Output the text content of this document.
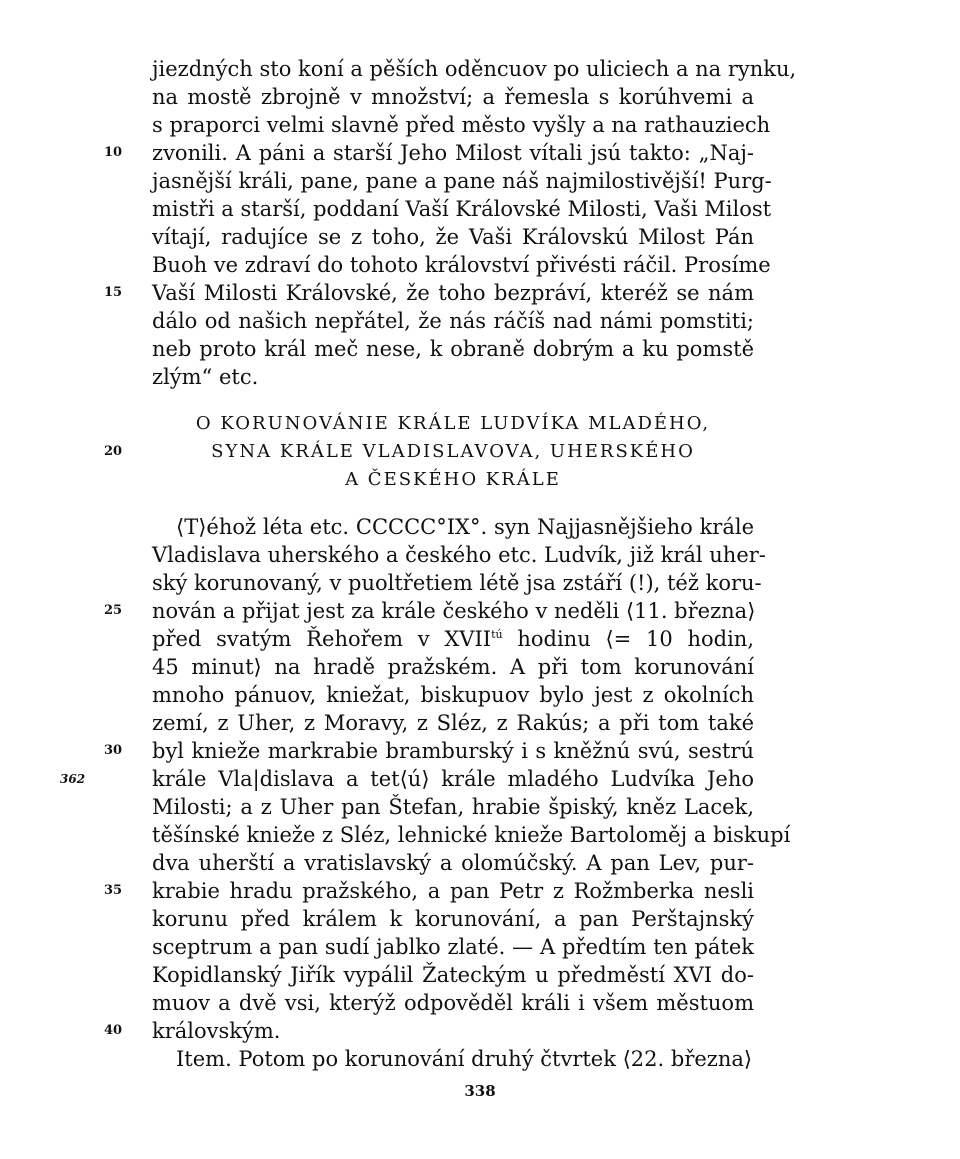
jiezdných sto koní a pěších oděncuov po uliciech a na rynku,
na mostě zbrojně v množství; a řemesla s korúhvemi a
s praporci velmi slavně před město vyšly a na rathauziech
zvonili. A páni a starší Jeho Milost vítali jsú takto: „Naj-
jasnější králi, pane, pane a pane náš najmilostivější! Purg-
mistři a starší, poddaní Vaší Královské Milosti, Vaši Milost
vítají, radujíce se z toho, že Vaši Královskú Milost Pán
Buoh ve zdraví do tohoto království přivésti ráčil. Prosíme
Vaší Milosti Královské, že toho bezpráví, kteréž se nám
dálo od našich nepřátel, že nás ráčíš nad námi pomstiti;
neb proto král meč nese, k obraně dobrým a ku pomstě
zlým“ etc.
O KORUNOVÁNIE KRÁLE LUDVÍKA MLADÉHO,
SYNA KRÁLE VLADISLAVOVA, UHERSKÉHO
A ČESKÉHO KRÁLE
⟨T⟩éhož léta etc. CCCCC°IX°. syn Najjasnějšieho krále
Vladislava uherského a českého etc. Ludvík, již král uher-
ský korunovaný, v puoltřetiem létě jsa zstáří (!), též koru-
nován a přijat jest za krále českého v neděli ⟨11. března⟩
před svatým Řehořem v $XVII^{tú}$ hodinu ⟨= 10 hodin,
45 minut⟩ na hradě pražském. A při tom korunování
mnoho pánuov, kniežat, biskupuov bylo jest z okolních
zemí, z Uher, z Moravy, z Sléz, z Rakús; a při tom také
byl knieže markrabie bramburský i s kněžnú svú, sestrú
krále Vla|dislava a tet⟨ú⟩ krále mladého Ludvíka Jeho
Milosti; a z Uher pan Štefan, hrabie špiský, kněz Lacek,
těšínské knieže z Sléz, lehnické knieže Bartoloměj a biskupí
dva uherští a vratislavský a olomúčský. A pan Lev, pur-
krabie hradu pražského, a pan Petr z Rožmberka nesli
korunu před králem k korunování, a pan Perštajnský
sceptrum a pan sudí jablko zlaté. — A předtím ten pátek
Kopidlanský Jiřík vypálil Žateckým u předměstí XVI do-
muov a dvě vsi, kterýž odpověděl králi i všem městuom
královským.
Item. Potom po korunování druhý čtvrtek ⟨22. března⟩
10
15
20
25
30
35
40
362
338
